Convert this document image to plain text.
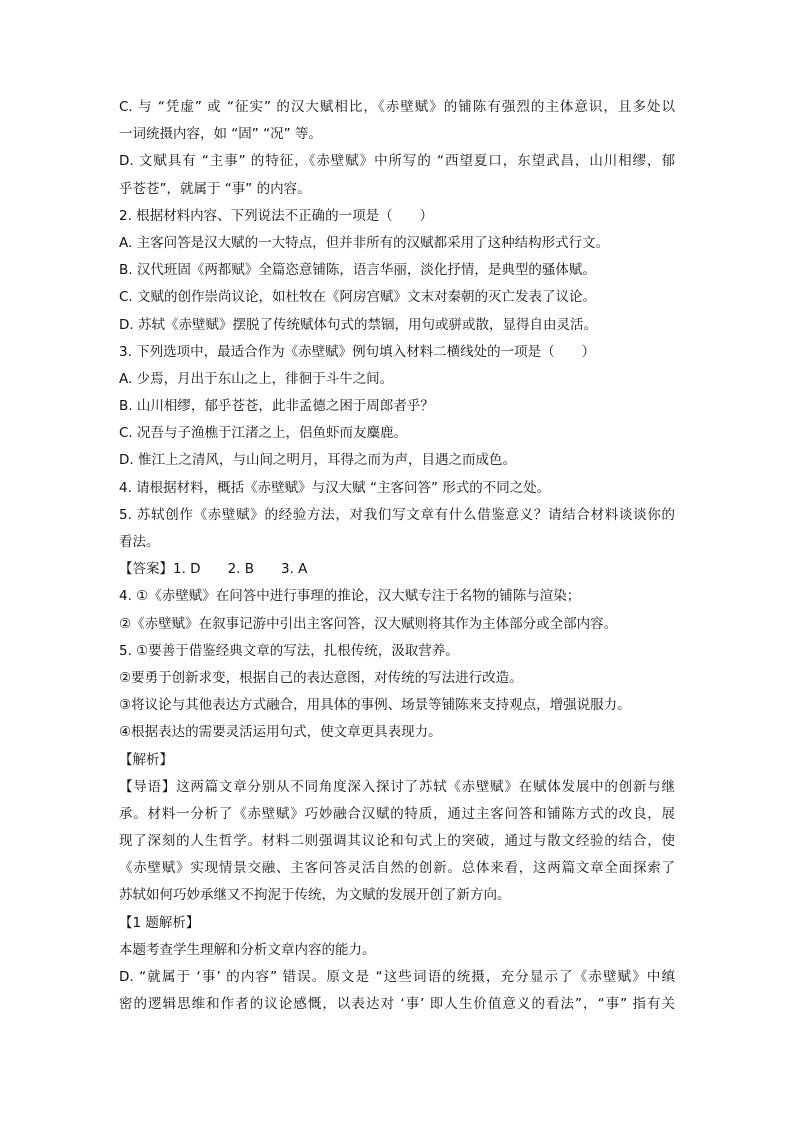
C. 与 “凭虚” 或 “征实” 的汉大赋相比，《赤壁赋》的铺陈有强烈的主体意识，且多处以
一词统摄内容，如 “固” “况” 等。
D. 文赋具有 “主事” 的特征，《赤壁赋》中所写的 “西望夏口，东望武昌，山川相缪，郁
乎苍苍”，就属于 “事” 的内容。
2. 根据材料内容、下列说法不正确的一项是（　　）
A. 主客问答是汉大赋的一大特点，但并非所有的汉赋都采用了这种结构形式行文。
B. 汉代班固《两都赋》全篇恣意铺陈，语言华丽，淡化抒情，是典型的骚体赋。
C. 文赋的创作崇尚议论，如杜牧在《阿房宫赋》文末对秦朝的灭亡发表了议论。
D. 苏轼《赤壁赋》摆脱了传统赋体句式的禁锢，用句或骈或散，显得自由灵活。
3. 下列选项中，最适合作为《赤壁赋》例句填入材料二横线处的一项是（　　）
A. 少焉，月出于东山之上，徘徊于斗牛之间。
B. 山川相缪，郁乎苍苍，此非孟德之困于周郎者乎？
C. 况吾与子渔樵于江渚之上，侣鱼虾而友麋鹿。
D. 惟江上之清风，与山间之明月，耳得之而为声，目遇之而成色。
4. 请根据材料，概括《赤壁赋》与汉大赋 “主客问答” 形式的不同之处。
5. 苏轼创作《赤壁赋》的经验方法，对我们写文章有什么借鉴意义？请结合材料谈谈你的
看法。
【答案】1. D　　2. B　　3. A
4. ①《赤壁赋》在问答中进行事理的推论，汉大赋专注于名物的铺陈与渲染；
②《赤壁赋》在叙事记游中引出主客问答，汉大赋则将其作为主体部分或全部内容。
5. ①要善于借鉴经典文章的写法，扎根传统，汲取营养。
②要勇于创新求变，根据自己的表达意图，对传统的写法进行改造。
③将议论与其他表达方式融合，用具体的事例、场景等铺陈来支持观点，增强说服力。
④根据表达的需要灵活运用句式，使文章更具表现力。
【解析】
【导语】这两篇文章分别从不同角度深入探讨了苏轼《赤壁赋》在赋体发展中的创新与继
承。材料一分析了《赤壁赋》巧妙融合汉赋的特质，通过主客问答和铺陈方式的改良，展
现了深刻的人生哲学。材料二则强调其议论和句式上的突破，通过与散文经验的结合，使
《赤壁赋》实现情景交融、主客问答灵活自然的创新。总体来看，这两篇文章全面探索了
苏轼如何巧妙承继又不拘泥于传统，为文赋的发展开创了新方向。
【1 题解析】
本题考查学生理解和分析文章内容的能力。
D. “就属于 ‘事’ 的内容” 错误。原文是 “这些词语的统摄，充分显示了《赤壁赋》中缜
密的逻辑思维和作者的议论感慨，以表达对 ‘事’ 即人生价值意义的看法”，“事” 指有关
